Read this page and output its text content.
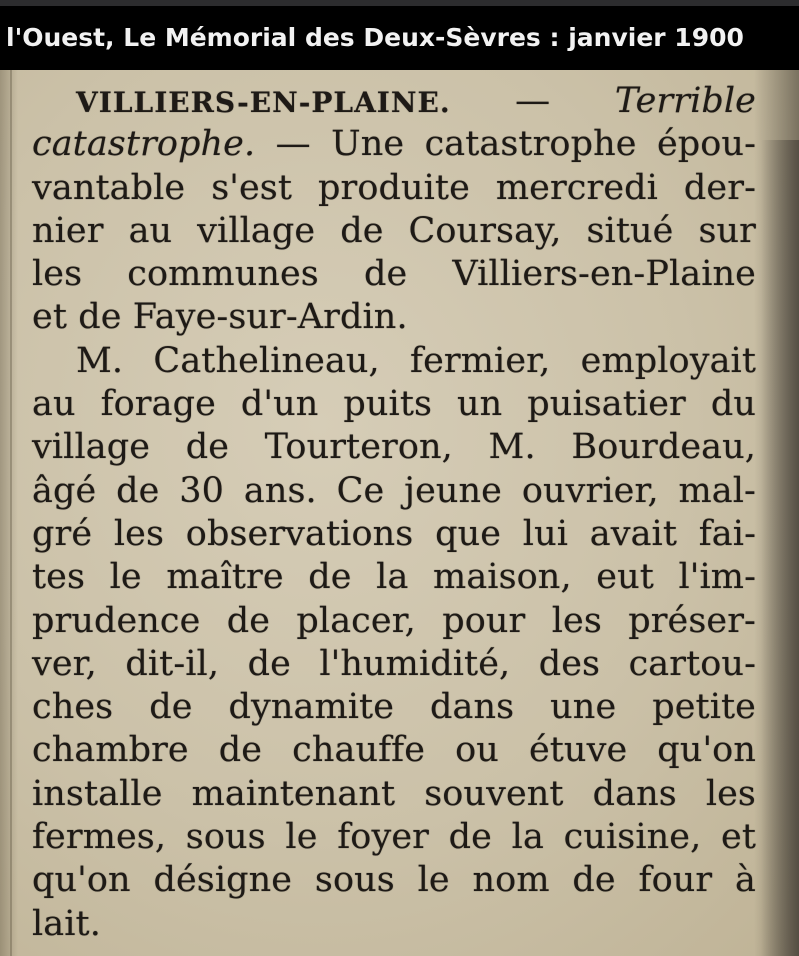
l'Ouest, Le Mémorial des Deux-Sèvres : janvier 1900
VILLIERS-EN-PLAINE. — Terrible
catastrophe. — Une catastrophe épou-
vantable s'est produite mercredi der-
nier au village de Coursay, situé sur
les communes de Villiers-en-Plaine
et de Faye-sur-Ardin.
M. Cathelineau, fermier, employait
au forage d'un puits un puisatier du
village de Tourteron, M. Bourdeau,
âgé de 30 ans. Ce jeune ouvrier, mal-
gré les observations que lui avait fai-
tes le maître de la maison, eut l'im-
prudence de placer, pour les préser-
ver, dit-il, de l'humidité, des cartou-
ches de dynamite dans une petite
chambre de chauffe ou étuve qu'on
installe maintenant souvent dans les
fermes, sous le foyer de la cuisine, et
qu'on désigne sous le nom de four à
lait.
